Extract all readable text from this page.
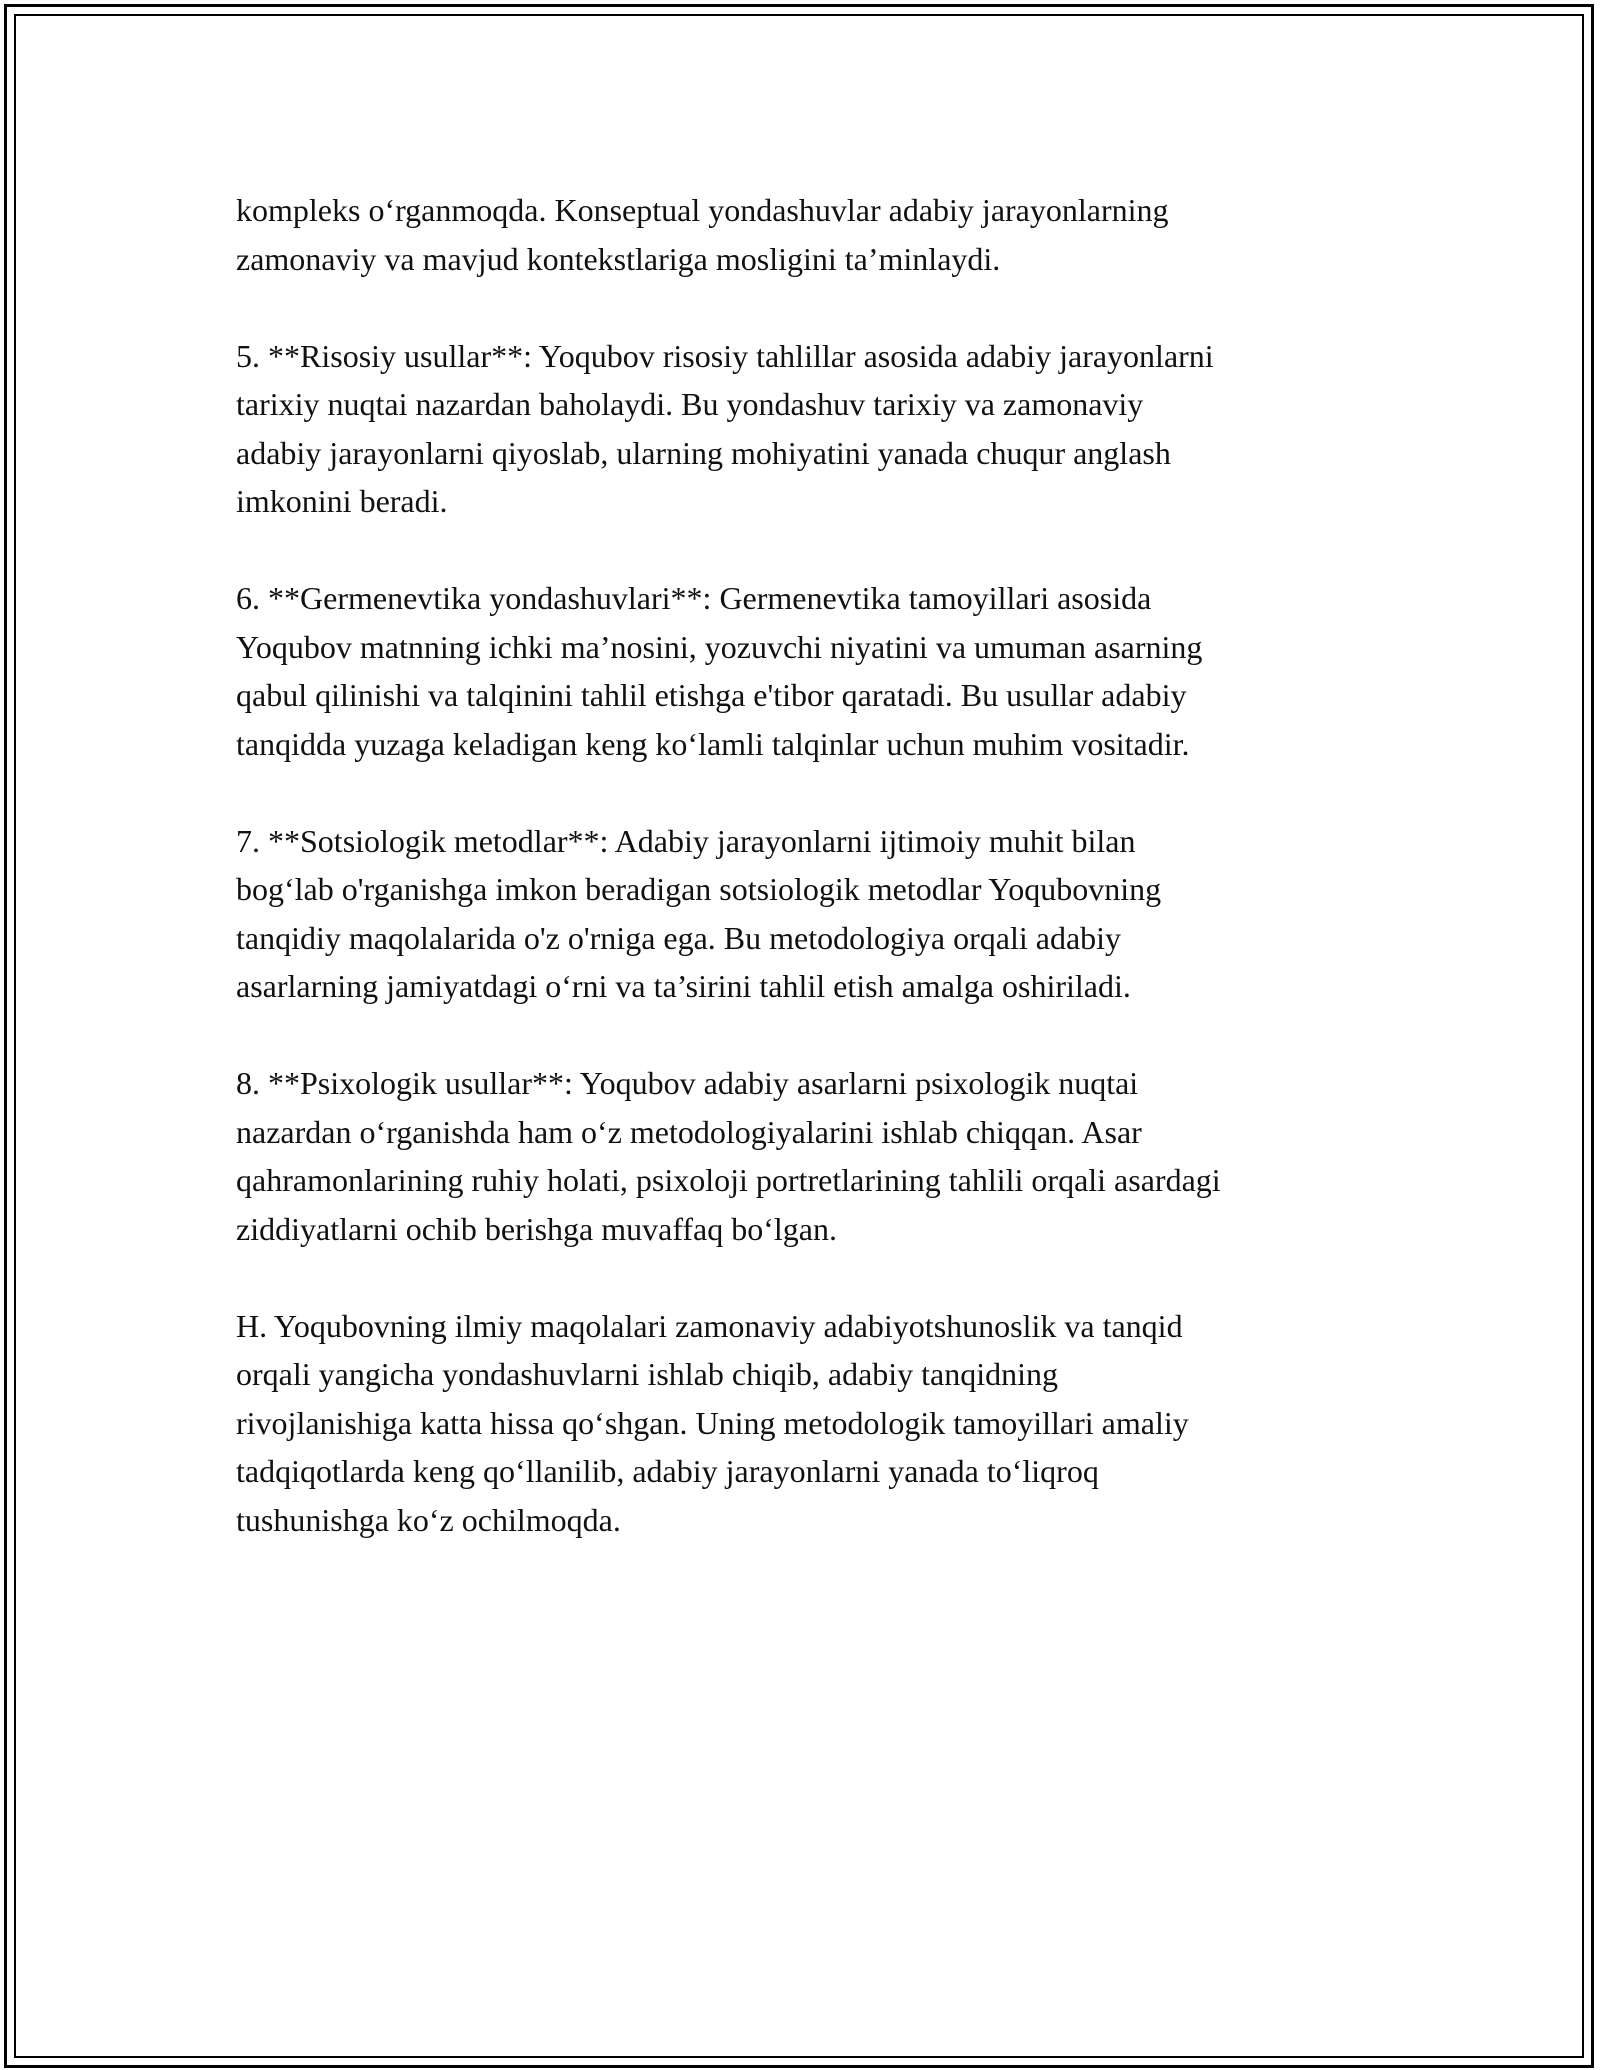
kompleks o‘rganmoqda. Konseptual yondashuvlar adabiy jarayonlarning
zamonaviy va mavjud kontekstlariga mosligini ta’minlaydi.

5. **Risosiy usullar**: Yoqubov risosiy tahlillar asosida adabiy jarayonlarni
tarixiy nuqtai nazardan baholaydi. Bu yondashuv tarixiy va zamonaviy
adabiy jarayonlarni qiyoslab, ularning mohiyatini yanada chuqur anglash
imkonini beradi.

6. **Germenevtika yondashuvlari**: Germenevtika tamoyillari asosida
Yoqubov matnning ichki ma’nosini, yozuvchi niyatini va umuman asarning
qabul qilinishi va talqinini tahlil etishga e'tibor qaratadi. Bu usullar adabiy
tanqidda yuzaga keladigan keng ko‘lamli talqinlar uchun muhim vositadir.

7. **Sotsiologik metodlar**: Adabiy jarayonlarni ijtimoiy muhit bilan
bog‘lab o'rganishga imkon beradigan sotsiologik metodlar Yoqubovning
tanqidiy maqolalarida o'z o'rniga ega. Bu metodologiya orqali adabiy
asarlarning jamiyatdagi o‘rni va ta’sirini tahlil etish amalga oshiriladi.

8. **Psixologik usullar**: Yoqubov adabiy asarlarni psixologik nuqtai
nazardan o‘rganishda ham o‘z metodologiyalarini ishlab chiqqan. Asar
qahramonlarining ruhiy holati, psixoloji portretlarining tahlili orqali asardagi
ziddiyatlarni ochib berishga muvaffaq bo‘lgan.

H. Yoqubovning ilmiy maqolalari zamonaviy adabiyotshunoslik va tanqid
orqali yangicha yondashuvlarni ishlab chiqib, adabiy tanqidning
rivojlanishiga katta hissa qo‘shgan. Uning metodologik tamoyillari amaliy
tadqiqotlarda keng qo‘llanilib, adabiy jarayonlarni yanada to‘liqroq
tushunishga ko‘z ochilmoqda.
